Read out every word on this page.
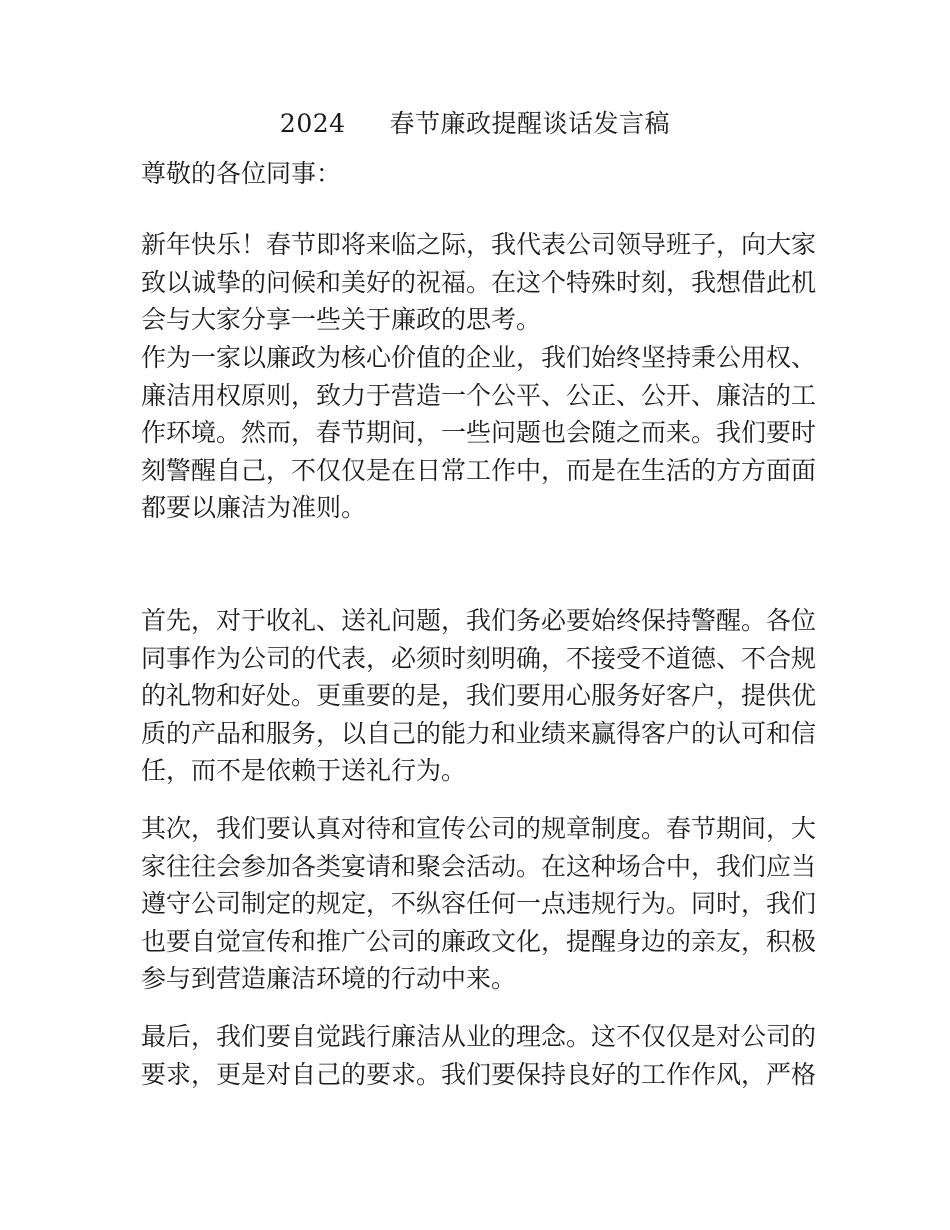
2024 春节廉政提醒谈话发言稿
尊敬的各位同事：
新年快乐！春节即将来临之际，我代表公司领导班子，向大家致以诚挚的问候和美好的祝福。在这个特殊时刻，我想借此机会与大家分享一些关于廉政的思考。
作为一家以廉政为核心价值的企业，我们始终坚持秉公用权、廉洁用权原则，致力于营造一个公平、公正、公开、廉洁的工作环境。然而，春节期间，一些问题也会随之而来。我们要时刻警醒自己，不仅仅是在日常工作中，而是在生活的方方面面都要以廉洁为准则。
首先，对于收礼、送礼问题，我们务必要始终保持警醒。各位同事作为公司的代表，必须时刻明确，不接受不道德、不合规的礼物和好处。更重要的是，我们要用心服务好客户，提供优质的产品和服务，以自己的能力和业绩来赢得客户的认可和信任，而不是依赖于送礼行为。
其次，我们要认真对待和宣传公司的规章制度。春节期间，大家往往会参加各类宴请和聚会活动。在这种场合中，我们应当遵守公司制定的规定，不纵容任何一点违规行为。同时，我们也要自觉宣传和推广公司的廉政文化，提醒身边的亲友，积极参与到营造廉洁环境的行动中来。
最后，我们要自觉践行廉洁从业的理念。这不仅仅是对公司的要求，更是对自己的要求。我们要保持良好的工作作风，严格
